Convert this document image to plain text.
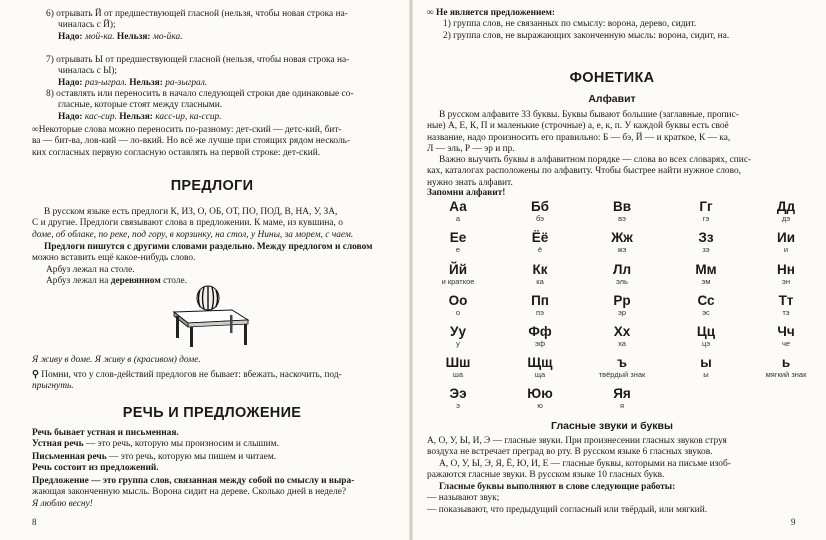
6) отрывать Й от предшествующей гласной (нельзя, чтобы новая строка на-
чиналась с Й);
Надо: мой-ка. Нельзя: мо-йка.

7) отрывать Ы от предшествующей гласной (нельзя, чтобы новая строка на-
чиналась с Ы);
Надо: раз-ыграл. Нельзя: ра-зыграл.

8) оставлять или переносить в начало следующей строки две одинаковые со-
гласные, которые стоят между гласными.
Надо: кас-сир. Нельзя: касс-ир, ка-ссир.

∞Некоторые слова можно переносить по-разному: дет-ский — детс-кий, бит-
ва — бит-ва, лов-кий — ло-вкий. Но всё же лучше при стоящих рядом несколь-
ких согласных первую согласную оставлять на первой строке: дет-ский.

ПРЕДЛОГИ

В русском языке есть предлоги К, ИЗ, О, ОБ, ОТ, ПО, ПОД, В, НА, У, ЗА,
С и другие. Предлоги связывают слова в предложении. К маме, из кувшина, о
доме, об облаке, по реке, под гору, в корзинку, на стол, у Нины, за морем, с чаем.

Предлоги пишутся с другими словами раздельно. Между предлогом и словом
можно вставить ещё какое-нибудь слово.

Арбуз лежал на столе.
Арбуз лежал на деревянном столе.

Я живу в доме. Я живу в (красивом) доме.

⚲ Помни, что у слов-действий предлогов не бывает: вбежать, наскочить, под-
прыгнуть.

РЕЧЬ И ПРЕДЛОЖЕНИЕ

Речь бывает устная и письменная.
Устная речь — это речь, которую мы произносим и слышим.

Письменная речь — это речь, которую мы пишем и читаем.
Речь состоит из предложений.

Предложение — это группа слов, связанная между собой по смыслу и выра-
жающая законченную мысль. Ворона сидит на дереве. Сколько дней в неделе?
Я люблю весну!

8

∞ Не является предложением:
1) группа слов, не связанных по смыслу: ворона, дерево, сидит.
2) группа слов, не выражающих законченную мысль: ворона, сидит, на.

ФОНЕТИКА
Алфавит

В русском алфавите 33 буквы. Буквы бывают большие (заглавные, пропис-
ные) А, Е, К, П и маленькие (строчные) а, е, к, п. У каждой буквы есть своё
название, надо произносить его правильно: Б — бэ, Й — и краткое, К — ка,
Л — эль, Р — эр и пр.

Важно выучить буквы в алфавитном порядке — слова во всех словарях, спис-
ках, каталогах расположены по алфавиту. Чтобы быстрее найти нужное слово,
нужно знать алфавит.

Запомни алфавит!

Аа
а
Бб
бэ
Вв
вэ
Гг
гэ
Дд
дэ
Ее
е
Ёё
ё
Жж
жэ
Зз
зэ
Ии
и
Йй
и краткое
Кк
ка
Лл
эль
Мм
эм
Нн
эн
Оо
о
Пп
пэ
Рр
эр
Сс
эс
Тт
тэ
Уу
у
Фф
эф
Хх
ха
Цц
цэ
Чч
че
Шш
ша
Щщ
ща
ъ
твёрдый знак
ы
ы
ь
мягкий знак
Ээ
э
Юю
ю
Яя
я
Гласные звуки и буквы

А, О, У, Ы, И, Э — гласные звуки. При произнесении гласных звуков струя
воздуха не встречает преград во рту. В русском языке 6 гласных звуков.
А, О, У, Ы, Э, Я, Ё, Ю, И, Е — гласные буквы, которыми на письме изоб-
ражаются гласные звуки. В русском языке 10 гласных букв.

Гласные буквы выполняют в слове следующие работы:
— называют звук;
— показывают, что предыдущий согласный или твёрдый, или мягкий.

9
